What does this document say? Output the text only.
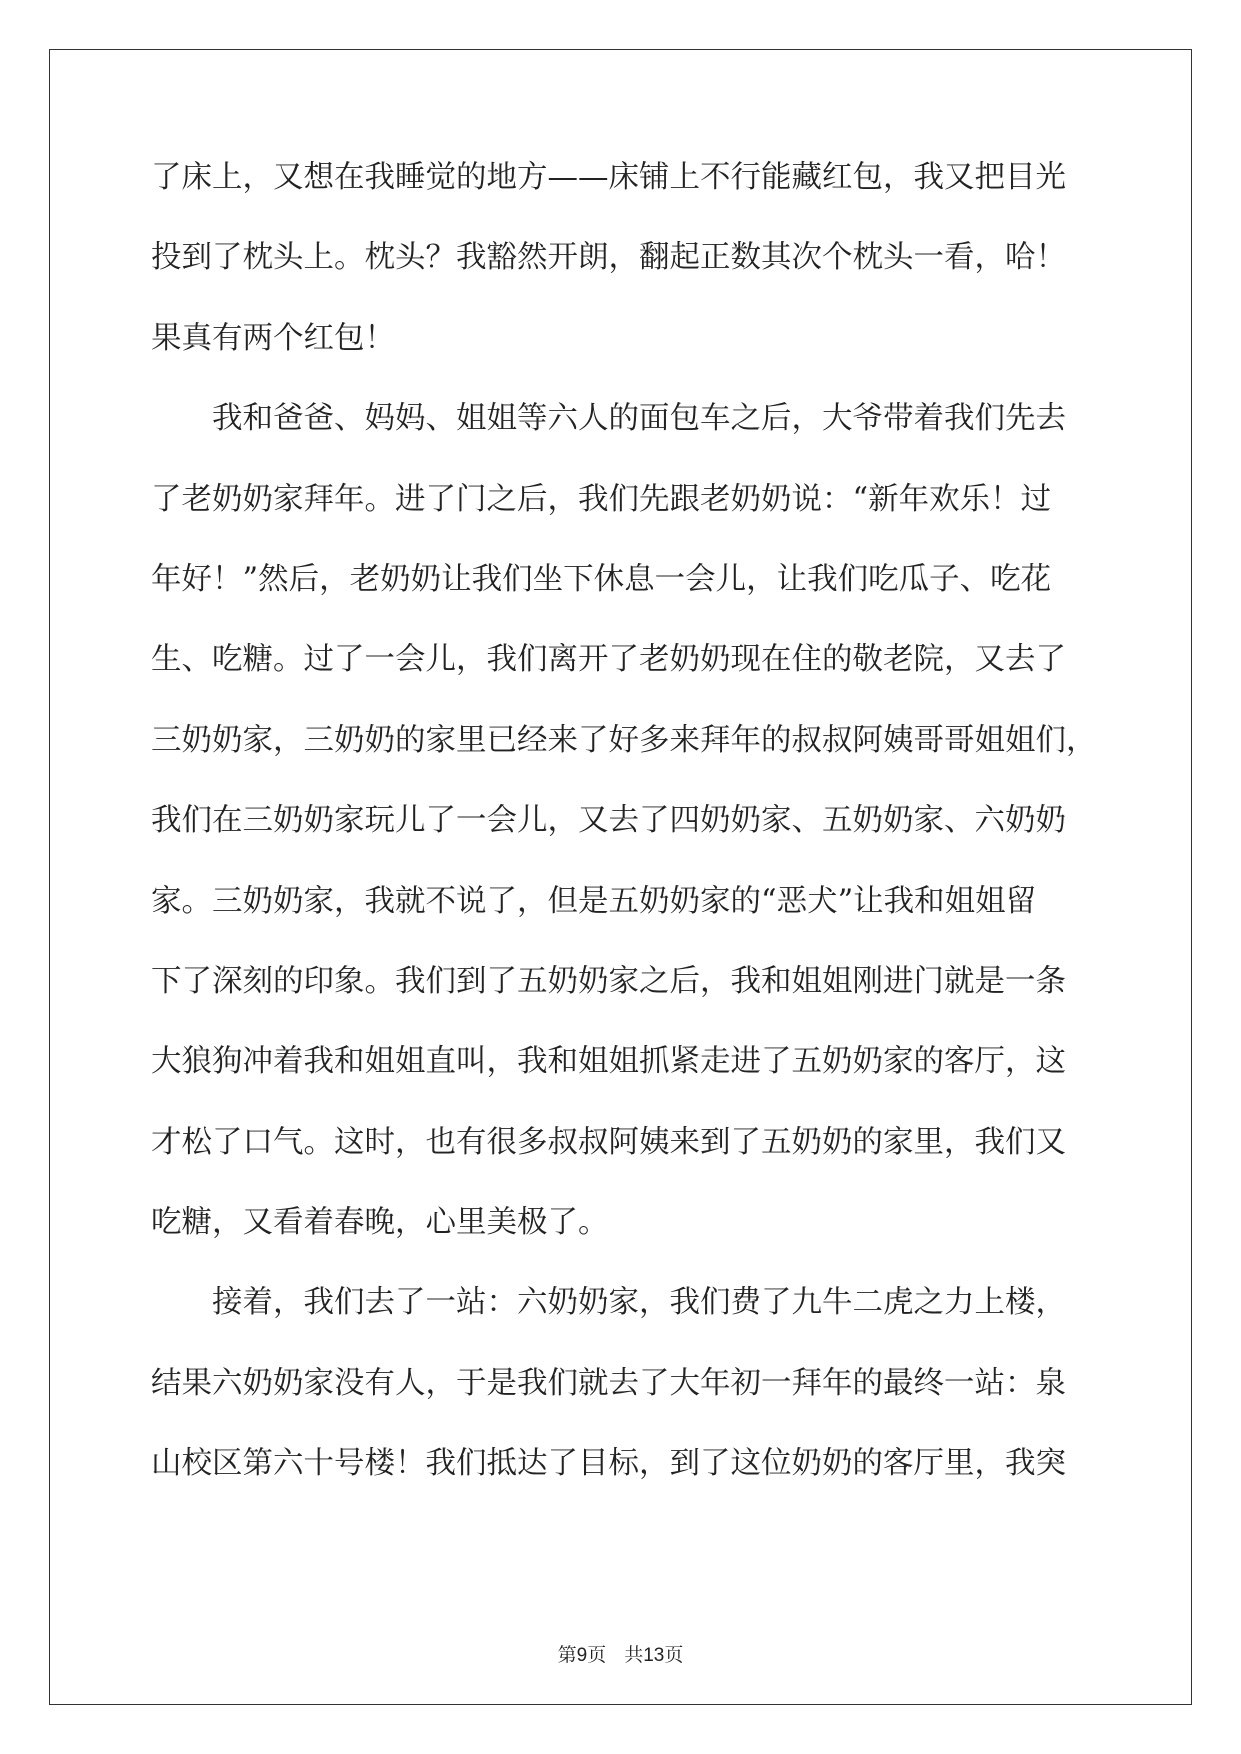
了床上，又想在我睡觉的地方——床铺上不行能藏红包，我又把目光
投到了枕头上。枕头？我豁然开朗，翻起正数其次个枕头一看，哈！
果真有两个红包！
我和爸爸、妈妈、姐姐等六人的面包车之后，大爷带着我们先去
了老奶奶家拜年。进了门之后，我们先跟老奶奶说：“新年欢乐！过
年好！”然后，老奶奶让我们坐下休息一会儿，让我们吃瓜子、吃花
生、吃糖。过了一会儿，我们离开了老奶奶现在住的敬老院，又去了
三奶奶家，三奶奶的家里已经来了好多来拜年的叔叔阿姨哥哥姐姐们，
我们在三奶奶家玩儿了一会儿，又去了四奶奶家、五奶奶家、六奶奶
家。三奶奶家，我就不说了，但是五奶奶家的“恶犬”让我和姐姐留
下了深刻的印象。我们到了五奶奶家之后，我和姐姐刚进门就是一条
大狼狗冲着我和姐姐直叫，我和姐姐抓紧走进了五奶奶家的客厅，这
才松了口气。这时，也有很多叔叔阿姨来到了五奶奶的家里，我们又
吃糖，又看着春晚，心里美极了。
接着，我们去了一站：六奶奶家，我们费了九牛二虎之力上楼，
结果六奶奶家没有人，于是我们就去了大年初一拜年的最终一站：泉
山校区第六十号楼！我们抵达了目标，到了这位奶奶的客厅里，我突
第9页 共13页
